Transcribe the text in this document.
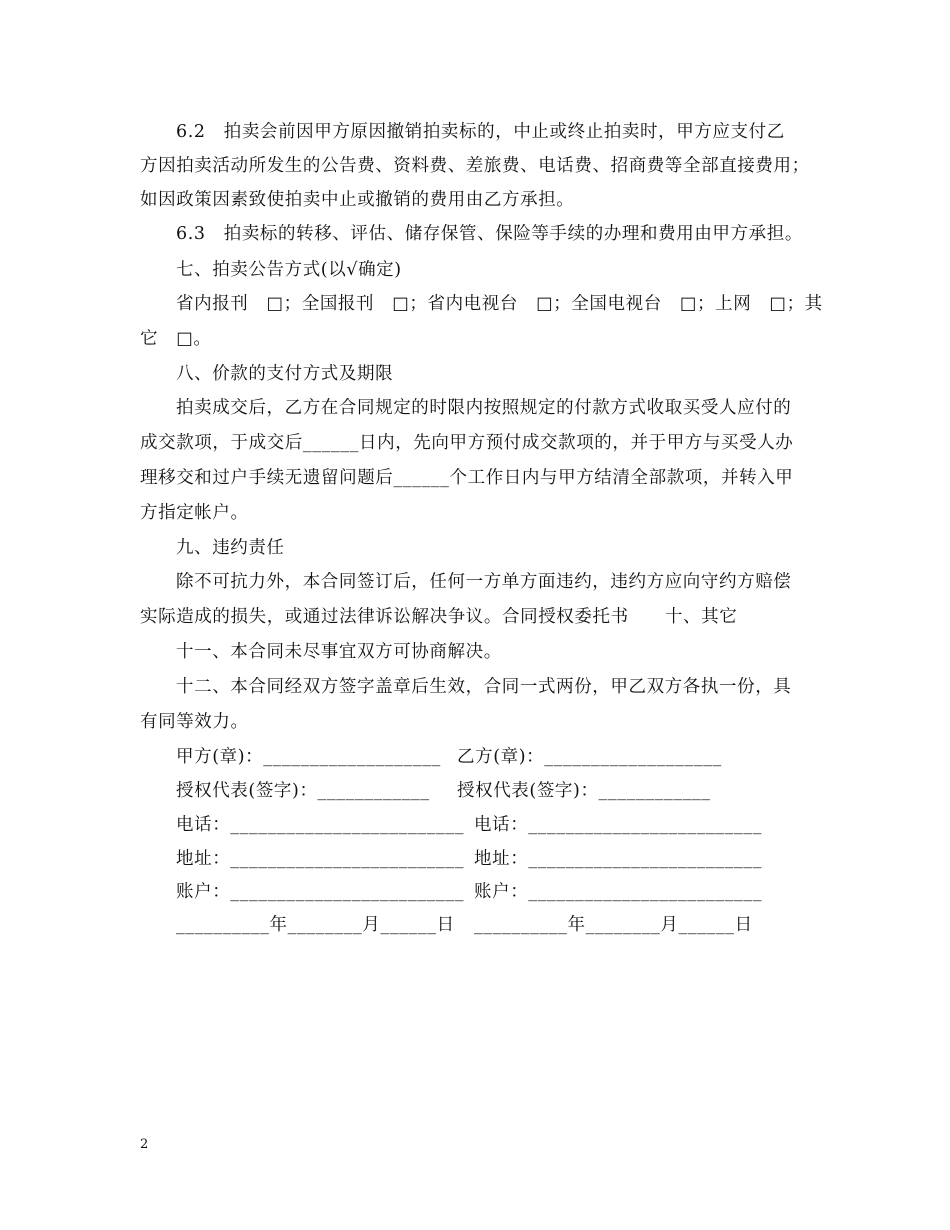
6.2　拍卖会前因甲方原因撤销拍卖标的，中止或终止拍卖时，甲方应支付乙
方因拍卖活动所发生的公告费、资料费、差旅费、电话费、招商费等全部直接费用；
如因政策因素致使拍卖中止或撤销的费用由乙方承担。
6.3　拍卖标的转移、评估、储存保管、保险等手续的办理和费用由甲方承担。
七、拍卖公告方式(以√确定)
省内报刊　□；全国报刊　□；省内电视台　□；全国电视台　□；上网　□；其
它　□。
八、价款的支付方式及期限
拍卖成交后，乙方在合同规定的时限内按照规定的付款方式收取买受人应付的
成交款项，于成交后______日内，先向甲方预付成交款项的，并于甲方与买受人办
理移交和过户手续无遗留问题后______个工作日内与甲方结清全部款项，并转入甲
方指定帐户。
九、违约责任
除不可抗力外，本合同签订后，任何一方单方面违约，违约方应向守约方赔偿
实际造成的损失，或通过法律诉讼解决争议。合同授权委托书　　十、其它
十一、本合同未尽事宜双方可协商解决。
十二、本合同经双方签字盖章后生效，合同一式两份，甲乙双方各执一份，具
有同等效力。
甲方(章)：___________________ 乙方(章)：___________________
授权代表(签字)：____________ 授权代表(签字)：____________
电话：_________________________ 电话：_________________________
地址：_________________________ 地址：_________________________
账户：_________________________ 账户：_________________________
__________年________月______日 __________年________月______日
2
